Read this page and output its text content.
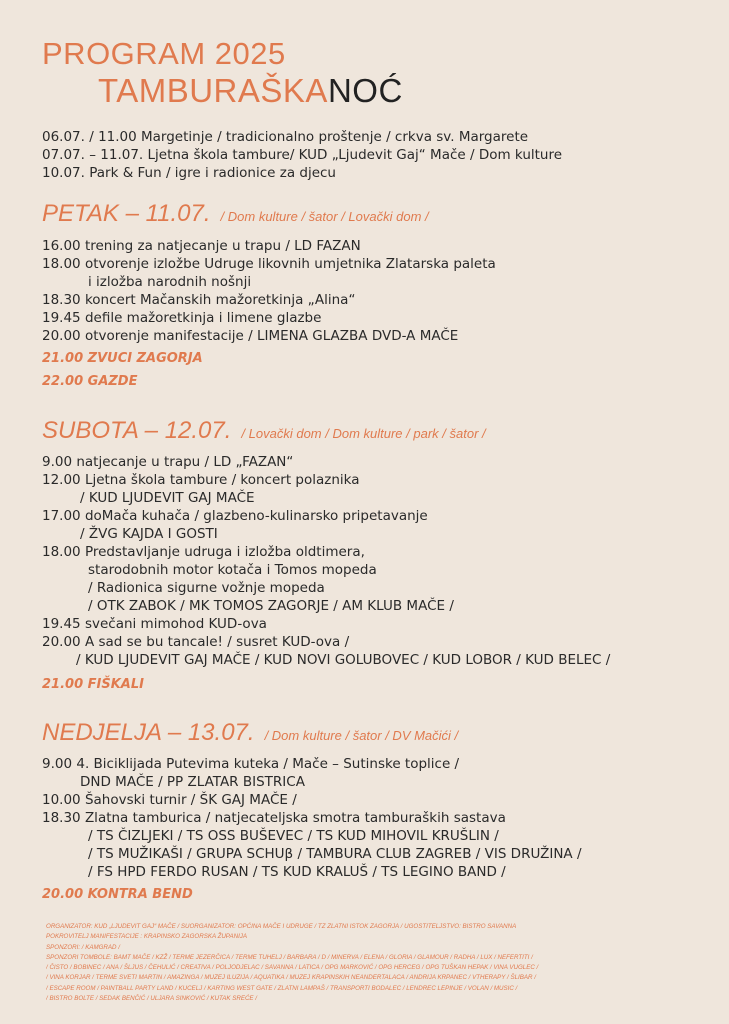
PROGRAM 2025
TAMBURAŠKANOĆ
06.07. / 11.00 Margetinje / tradicionalno proštenje / crkva sv. Margarete
07.07. – 11.07. Ljetna škola tambure/ KUD „Ljudevit Gaj“ Mače / Dom kulture
10.07. Park & Fun / igre i radionice za djecu
PETAK – 11.07. / Dom kulture / šator / Lovački dom /
16.00 trening za natjecanje u trapu / LD FAZAN
18.00 otvorenje izložbe Udruge likovnih umjetnika Zlatarska paleta
i izložba narodnih nošnji
18.30 koncert Mačanskih mažoretkinja „Alina“
19.45 defile mažoretkinja i limene glazbe
20.00 otvorenje manifestacije / LIMENA GLAZBA DVD-A MAČE
21.00 ZVUCI ZAGORJA
22.00 GAZDE
SUBOTA – 12.07. / Lovački dom / Dom kulture / park / šator /
9.00 natjecanje u trapu / LD „FAZAN“
12.00 Ljetna škola tambure / koncert polaznika
/ KUD LJUDEVIT GAJ MAČE
17.00 doMača kuhača / glazbeno-kulinarsko pripetavanje
/ ŽVG KAJDA I GOSTI
18.00 Predstavljanje udruga i izložba oldtimera,
starodobnih motor kotača i Tomos mopeda
/ Radionica sigurne vožnje mopeda
/ OTK ZABOK / MK TOMOS ZAGORJE / AM KLUB MAČE /
19.45 svečani mimohod KUD-ova
20.00 A sad se bu tancale! / susret KUD-ova /
/ KUD LJUDEVIT GAJ MAČE / KUD NOVI GOLUBOVEC / KUD LOBOR / KUD BELEC /
21.00 FIŠKALI
NEDJELJA – 13.07. / Dom kulture / šator / DV Mačići /
9.00 4. Biciklijada Putevima kuteka / Mače – Sutinske toplice /
DND MAČE / PP ZLATAR BISTRICA
10.00 Šahovski turnir / ŠK GAJ MAČE /
18.30 Zlatna tamburica / natjecateljska smotra tamburaških sastava
/ TS ČIZLJEKI / TS OSS BUŠEVEC / TS KUD MIHOVIL KRUŠLIN /
/ TS MUŽIKAŠI / GRUPA SCHUβ / TAMBURA CLUB ZAGREB / VIS DRUŽINA /
/ FS HPD FERDO RUSAN / TS KUD KRALUŠ / TS LEGINO BAND /
20.00 KONTRA BEND
ORGANIZATOR: KUD „LJUDEVIT GAJ“ MAČE / SUORGANIZATOR: OPĆINA MAČE I UDRUGE / TZ ZLATNI ISTOK ZAGORJA / UGOSTITELJSTVO: BISTRO SAVANNA
POKROVITELJ MANIFESTACIJE : KRAPINSKO ZAGORSKA ŽUPANIJA
SPONZORI: / KAMGRAD /
SPONZORI TOMBOLE: BAMT MAČE / KZŽ / TERME JEZERČICA / TERME TUHELJ / BARBARA / D / MINERVA / ELENA / GLORIA / GLAMOUR / RADHA / LUX / NEFERTITI /
/ ČISTO / BOBINEC / ANA / ŠLJUS / ČEHULIĆ / CREATIVA / POLJODJELAC / SAVANNA / LATICA / OPG MARKOVIĆ / OPG HERCEG / OPG TUŠKAN HEPAK / VINA VUGLEC /
/ VINA KORJAR / TERME SVETI MARTIN / AMAZINGA / MUZEJ ILUZIJA / AQUATIKA / MUZEJ KRAPINSKIH NEANDERTALACA / ANDRIJA KRPANEC / VTHERAPY / ŠLIBAR /
/ ESCAPE ROOM / PAINTBALL PARTY LAND / KUCELJ / KARTING WEST GATE / ZLATNI LAMPAŠ / TRANSPORTI BODALEC / LENDREC LEPINJE / VOLAN / MUSIC /
/ BISTRO BOLTE / SEDAK BENČIĆ / ULJARA SINKOVIĆ / KUTAK SREĆE /
